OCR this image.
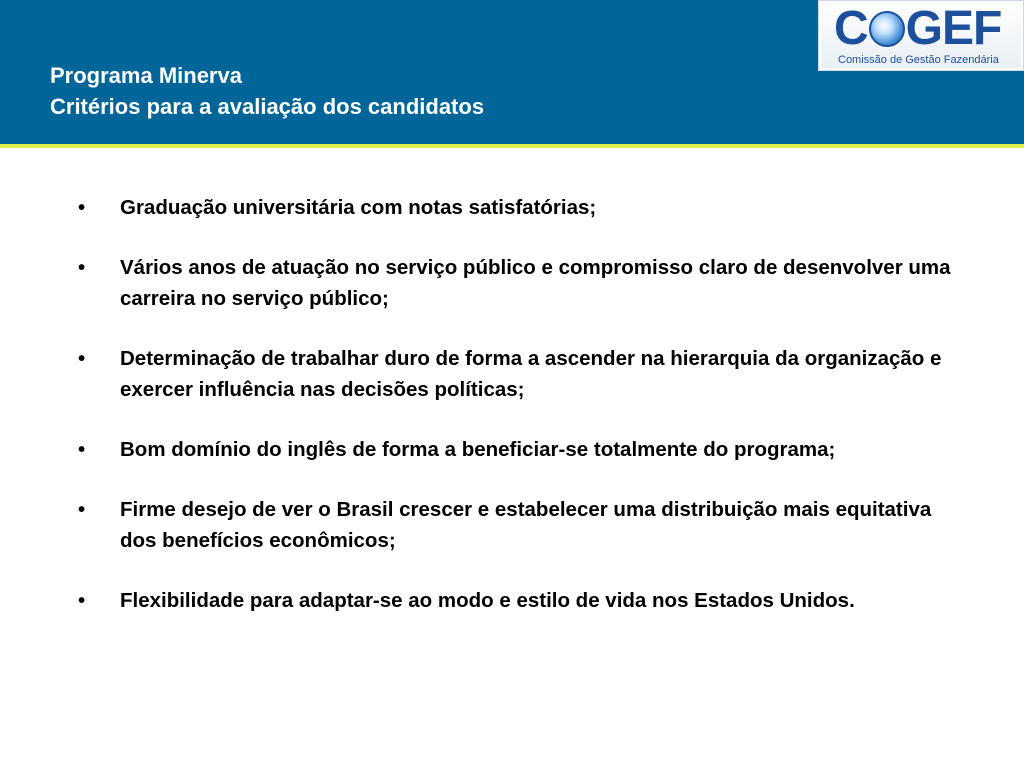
Programa Minerva
Critérios para a avaliação dos candidatos
C GEF
Comissão de Gestão Fazendária
• Graduação universitária com notas satisfatórias;
• Vários anos de atuação no serviço público e compromisso claro de desenvolver uma carreira no serviço público;
• Determinação de trabalhar duro de forma a ascender na hierarquia da organização e exercer influência nas decisões políticas;
• Bom domínio do inglês de forma a beneficiar-se totalmente do programa;
• Firme desejo de ver o Brasil crescer e estabelecer uma distribuição mais equitativa dos benefícios econômicos;
• Flexibilidade para adaptar-se ao modo e estilo de vida nos Estados Unidos.
